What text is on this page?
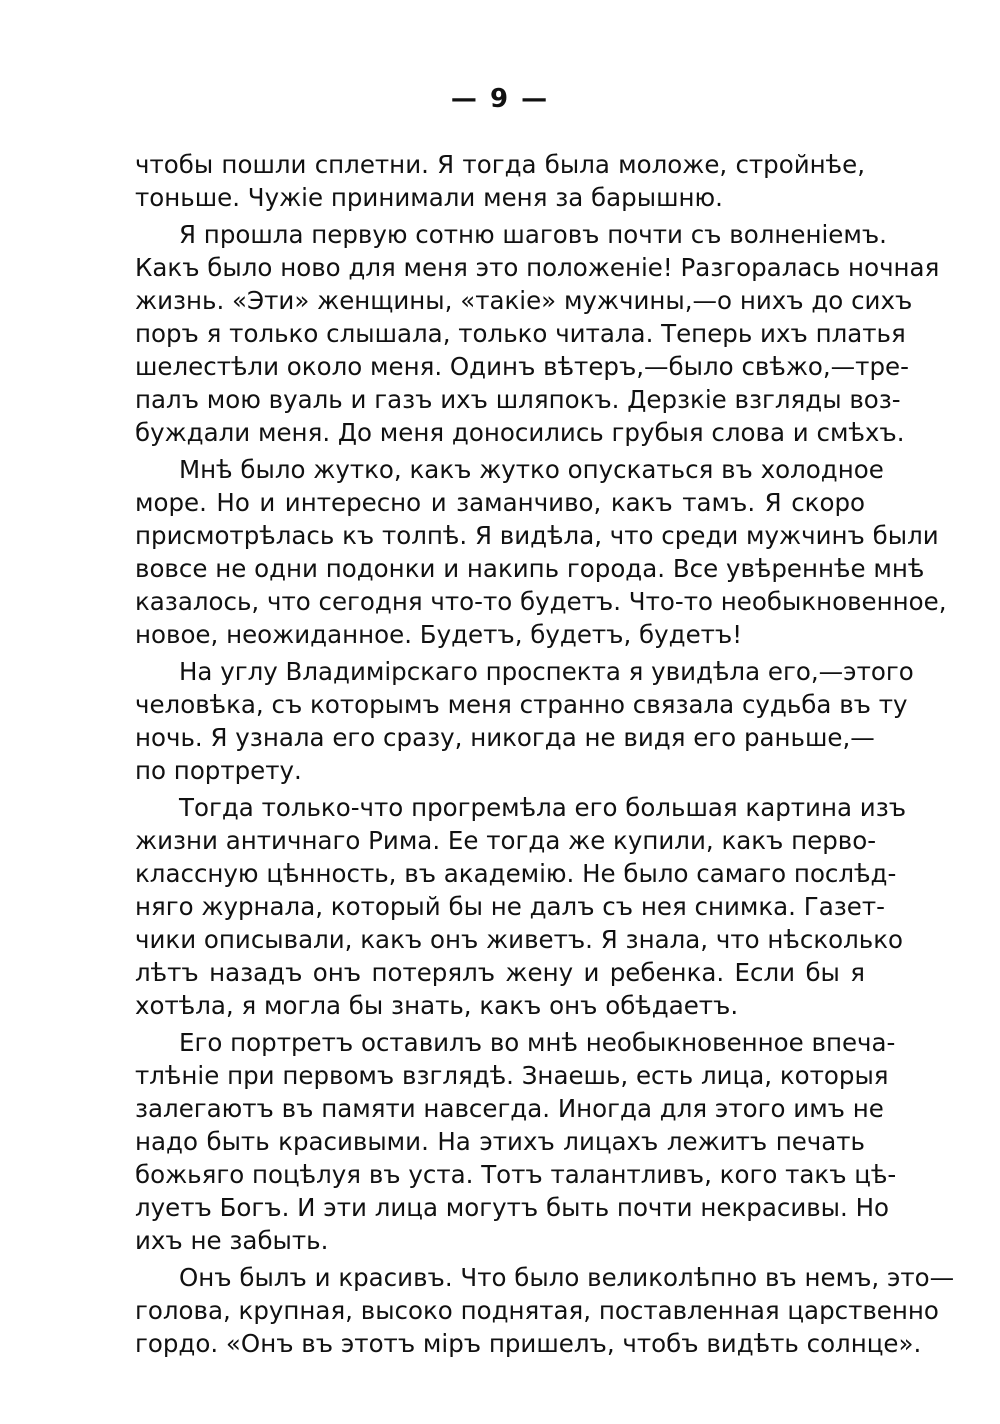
— 9 —
чтобы пошли сплетни. Я тогда была моложе, стройнѣе,
тоньше. Чужіе принимали меня за барышню.
Я прошла первую сотню шаговъ почти съ волненіемъ.
Какъ было ново для меня это положеніе! Разгоралась ночная
жизнь. «Эти» женщины, «такіе» мужчины,—о нихъ до сихъ
поръ я только слышала, только читала. Теперь ихъ платья
шелестѣли около меня. Одинъ вѣтеръ,—было свѣжо,—тре-
палъ мою вуаль и газъ ихъ шляпокъ. Дерзкіе взгляды воз-
буждали меня. До меня доносились грубыя слова и смѣхъ.
Мнѣ было жутко, какъ жутко опускаться въ холодное
море. Но и интересно и заманчиво, какъ тамъ. Я скоро
присмотрѣлась къ толпѣ. Я видѣла, что среди мужчинъ были
вовсе не одни подонки и накипь города. Все увѣреннѣе мнѣ
казалось, что сегодня что-то будетъ. Что-то необыкновенное,
новое, неожиданное. Будетъ, будетъ, будетъ!
На углу Владимірскаго проспекта я увидѣла его,—этого
человѣка, съ которымъ меня странно связала судьба въ ту
ночь. Я узнала его сразу, никогда не видя его раньше,—
по портрету.
Тогда только-что прогремѣла его большая картина изъ
жизни античнаго Рима. Ее тогда же купили, какъ перво-
классную цѣнность, въ академію. Не было самаго послѣд-
няго журнала, который бы не далъ съ нея снимка. Газет-
чики описывали, какъ онъ живетъ. Я знала, что нѣсколько
лѣтъ назадъ онъ потерялъ жену и ребенка. Если бы я
хотѣла, я могла бы знать, какъ онъ обѣдаетъ.
Его портретъ оставилъ во мнѣ необыкновенное впеча-
тлѣніе при первомъ взглядѣ. Знаешь, есть лица, которыя
залегаютъ въ памяти навсегда. Иногда для этого имъ не
надо быть красивыми. На этихъ лицахъ лежитъ печать
божьяго поцѣлуя въ уста. Тотъ талантливъ, кого такъ цѣ-
луетъ Богъ. И эти лица могутъ быть почти некрасивы. Но
ихъ не забыть.
Онъ былъ и красивъ. Что было великолѣпно въ немъ, это—
голова, крупная, высоко поднятая, поставленная царственно
гордо. «Онъ въ этотъ міръ пришелъ, чтобъ видѣть солнце».
